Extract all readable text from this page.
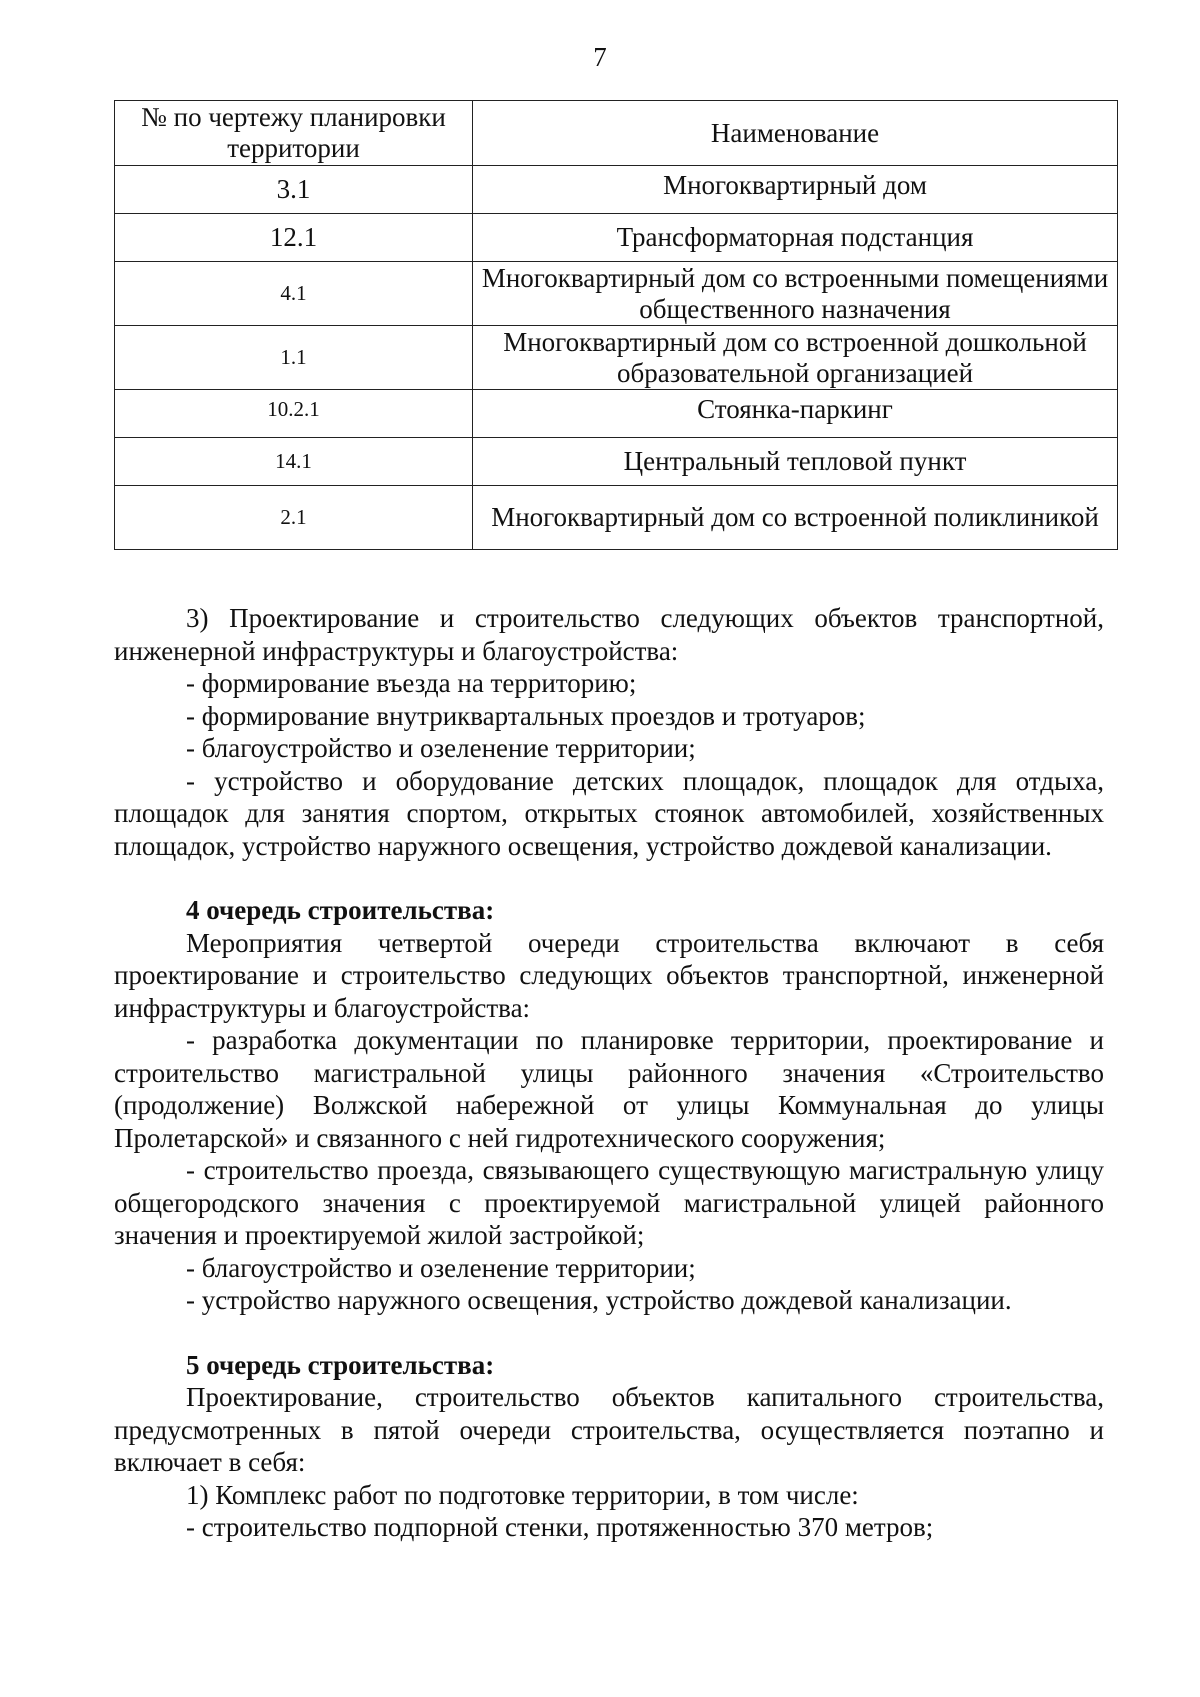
7
№ по чертежу планировки территории	Наименование
3.1	Многоквартирный дом
12.1	Трансформаторная подстанция
4.1	Многоквартирный дом со встроенными помещениями общественного назначения
1.1	Многоквартирный дом со встроенной дошкольной образовательной организацией
10.2.1	Стоянка-паркинг
14.1	Центральный тепловой пункт
2.1	Многоквартирный дом со встроенной поликлиникой

3) Проектирование и строительство следующих объектов транспортной, инженерной инфраструктуры и благоустройства:

- формирование въезда на территорию;

- формирование внутриквартальных проездов и тротуаров;

- благоустройство и озеленение территории;

- устройство и оборудование детских площадок, площадок для отдыха, площадок для занятия спортом, открытых стоянок автомобилей, хозяйственных площадок, устройство наружного освещения, устройство дождевой канализации.

4 очередь строительства:

Мероприятия четвертой очереди строительства включают в себя проектирование и строительство следующих объектов транспортной, инженерной инфраструктуры и благоустройства:

- разработка документации по планировке территории, проектирование и строительство магистральной улицы районного значения «Строительство (продолжение) Волжской набережной от улицы Коммунальная до улицы Пролетарской» и связанного с ней гидротехнического сооружения;

- строительство проезда, связывающего существующую магистральную улицу общегородского значения с проектируемой магистральной улицей районного значения и проектируемой жилой застройкой;

- благоустройство и озеленение территории;

- устройство наружного освещения, устройство дождевой канализации.

5 очередь строительства:

Проектирование, строительство объектов капитального строительства, предусмотренных в пятой очереди строительства, осуществляется поэтапно и включает в себя:

1) Комплекс работ по подготовке территории, в том числе:

- строительство подпорной стенки, протяженностью 370 метров;
